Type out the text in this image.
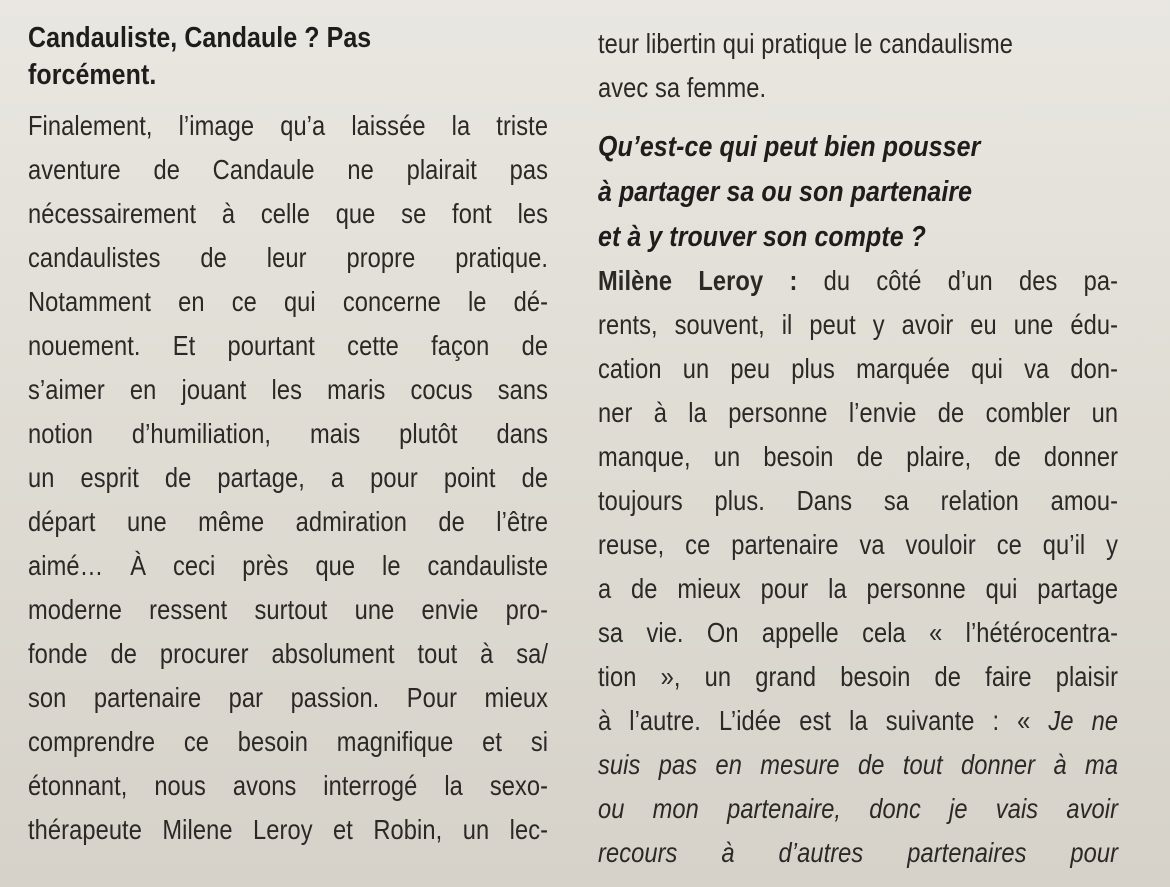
Candauliste, Candaule ? Pas
forcément.
Finalement, l’image qu’a laissée la triste
aventure de Candaule ne plairait pas
nécessairement à celle que se font les
candaulistes de leur propre pratique.
Notamment en ce qui concerne le dé-
nouement. Et pourtant cette façon de
s’aimer en jouant les maris cocus sans
notion d’humiliation, mais plutôt dans
un esprit de partage, a pour point de
départ une même admiration de l’être
aimé… À ceci près que le candauliste
moderne ressent surtout une envie pro-
fonde de procurer absolument tout à sa/
son partenaire par passion. Pour mieux
comprendre ce besoin magnifique et si
étonnant, nous avons interrogé la sexo-
thérapeute Milene Leroy et Robin, un lec-
teur libertin qui pratique le candaulisme
avec sa femme.
Qu’est-ce qui peut bien pousser
à partager sa ou son partenaire
et à y trouver son compte ?
Milène Leroy : du côté d’un des pa-
rents, souvent, il peut y avoir eu une édu-
cation un peu plus marquée qui va don-
ner à la personne l’envie de combler un
manque, un besoin de plaire, de donner
toujours plus. Dans sa relation amou-
reuse, ce partenaire va vouloir ce qu’il y
a de mieux pour la personne qui partage
sa vie. On appelle cela « l’hétérocentra-
tion », un grand besoin de faire plaisir
à l’autre. L’idée est la suivante : « Je ne
suis pas en mesure de tout donner à ma
ou mon partenaire, donc je vais avoir
recours à d’autres partenaires pour
